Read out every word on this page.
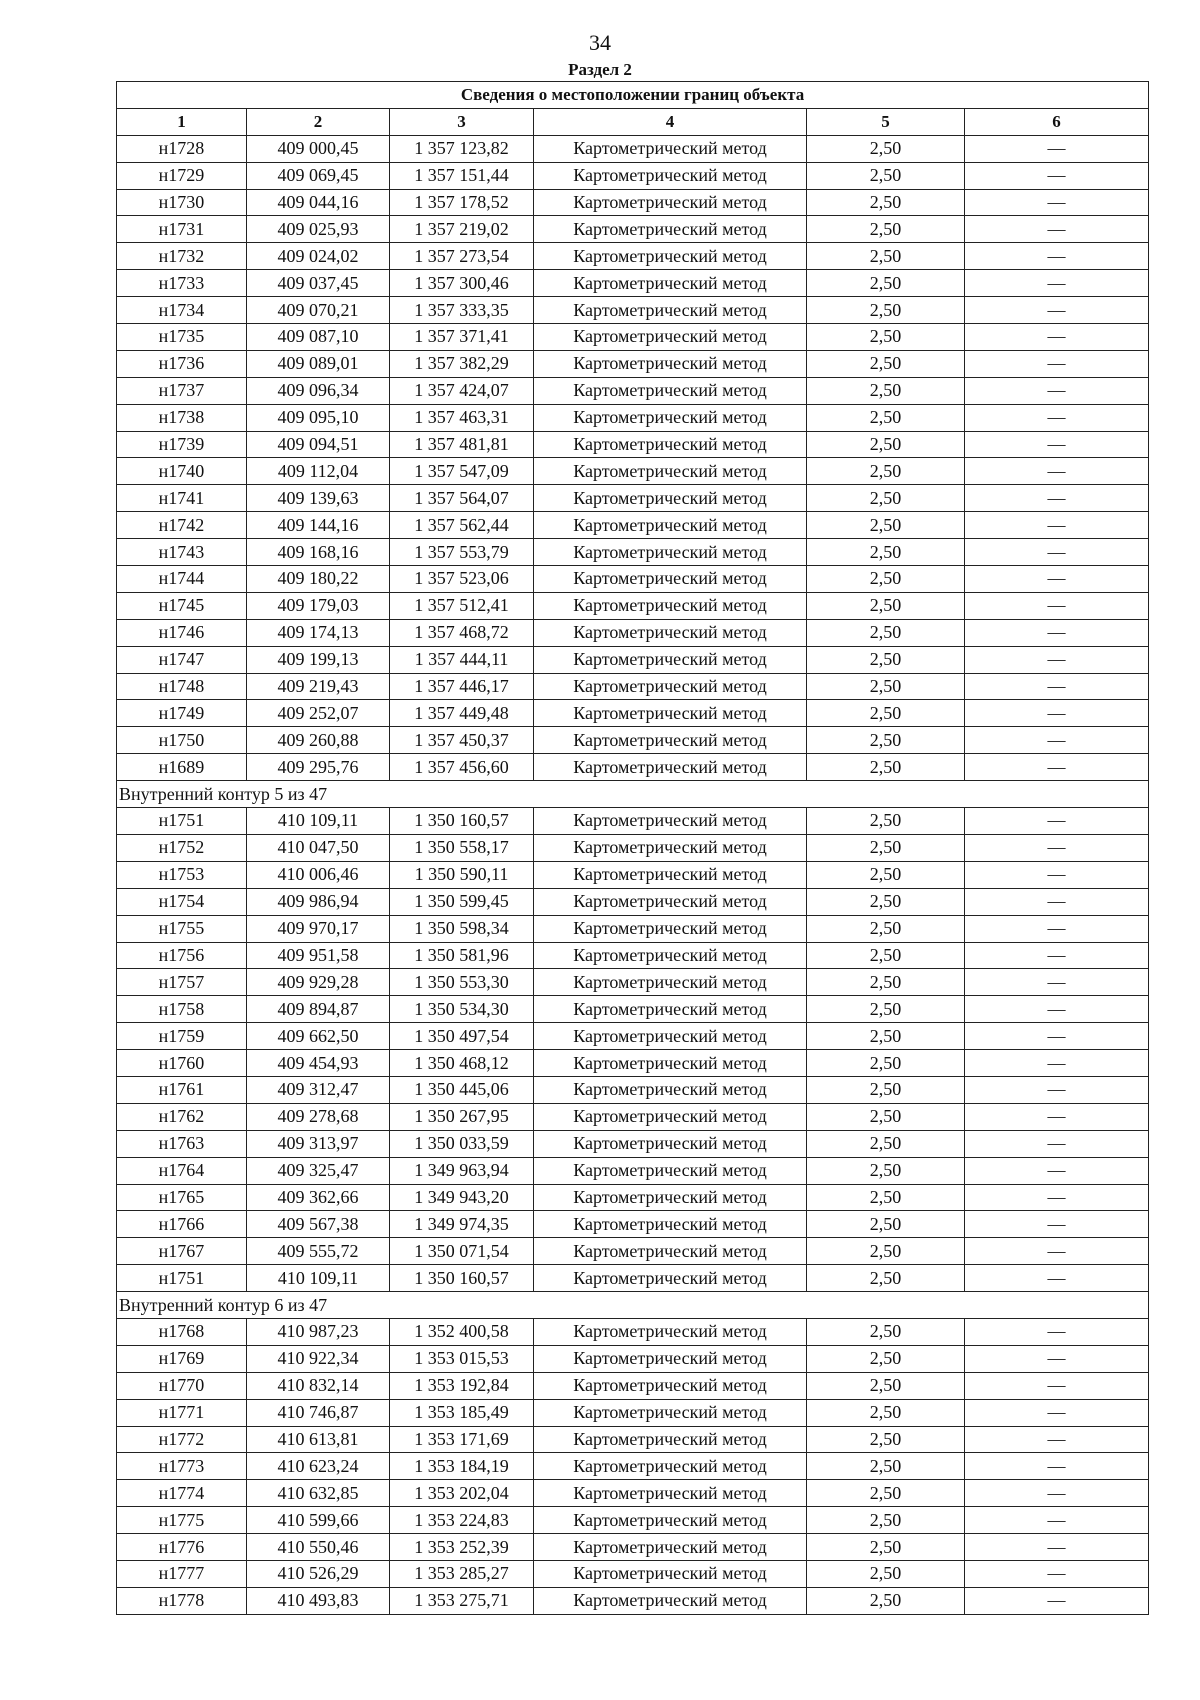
34
Раздел 2
Сведения о местоположении границ объекта					
1	2	3	4	5	6
н1728	409 000,45	1 357 123,82	Картометрический метод	2,50	—
н1729	409 069,45	1 357 151,44	Картометрический метод	2,50	—
н1730	409 044,16	1 357 178,52	Картометрический метод	2,50	—
н1731	409 025,93	1 357 219,02	Картометрический метод	2,50	—
н1732	409 024,02	1 357 273,54	Картометрический метод	2,50	—
н1733	409 037,45	1 357 300,46	Картометрический метод	2,50	—
н1734	409 070,21	1 357 333,35	Картометрический метод	2,50	—
н1735	409 087,10	1 357 371,41	Картометрический метод	2,50	—
н1736	409 089,01	1 357 382,29	Картометрический метод	2,50	—
н1737	409 096,34	1 357 424,07	Картометрический метод	2,50	—
н1738	409 095,10	1 357 463,31	Картометрический метод	2,50	—
н1739	409 094,51	1 357 481,81	Картометрический метод	2,50	—
н1740	409 112,04	1 357 547,09	Картометрический метод	2,50	—
н1741	409 139,63	1 357 564,07	Картометрический метод	2,50	—
н1742	409 144,16	1 357 562,44	Картометрический метод	2,50	—
н1743	409 168,16	1 357 553,79	Картометрический метод	2,50	—
н1744	409 180,22	1 357 523,06	Картометрический метод	2,50	—
н1745	409 179,03	1 357 512,41	Картометрический метод	2,50	—
н1746	409 174,13	1 357 468,72	Картометрический метод	2,50	—
н1747	409 199,13	1 357 444,11	Картометрический метод	2,50	—
н1748	409 219,43	1 357 446,17	Картометрический метод	2,50	—
н1749	409 252,07	1 357 449,48	Картометрический метод	2,50	—
н1750	409 260,88	1 357 450,37	Картометрический метод	2,50	—
н1689	409 295,76	1 357 456,60	Картометрический метод	2,50	—
Внутренний контур 5 из 47					
н1751	410 109,11	1 350 160,57	Картометрический метод	2,50	—
н1752	410 047,50	1 350 558,17	Картометрический метод	2,50	—
н1753	410 006,46	1 350 590,11	Картометрический метод	2,50	—
н1754	409 986,94	1 350 599,45	Картометрический метод	2,50	—
н1755	409 970,17	1 350 598,34	Картометрический метод	2,50	—
н1756	409 951,58	1 350 581,96	Картометрический метод	2,50	—
н1757	409 929,28	1 350 553,30	Картометрический метод	2,50	—
н1758	409 894,87	1 350 534,30	Картометрический метод	2,50	—
н1759	409 662,50	1 350 497,54	Картометрический метод	2,50	—
н1760	409 454,93	1 350 468,12	Картометрический метод	2,50	—
н1761	409 312,47	1 350 445,06	Картометрический метод	2,50	—
н1762	409 278,68	1 350 267,95	Картометрический метод	2,50	—
н1763	409 313,97	1 350 033,59	Картометрический метод	2,50	—
н1764	409 325,47	1 349 963,94	Картометрический метод	2,50	—
н1765	409 362,66	1 349 943,20	Картометрический метод	2,50	—
н1766	409 567,38	1 349 974,35	Картометрический метод	2,50	—
н1767	409 555,72	1 350 071,54	Картометрический метод	2,50	—
н1751	410 109,11	1 350 160,57	Картометрический метод	2,50	—
Внутренний контур 6 из 47					
н1768	410 987,23	1 352 400,58	Картометрический метод	2,50	—
н1769	410 922,34	1 353 015,53	Картометрический метод	2,50	—
н1770	410 832,14	1 353 192,84	Картометрический метод	2,50	—
н1771	410 746,87	1 353 185,49	Картометрический метод	2,50	—
н1772	410 613,81	1 353 171,69	Картометрический метод	2,50	—
н1773	410 623,24	1 353 184,19	Картометрический метод	2,50	—
н1774	410 632,85	1 353 202,04	Картометрический метод	2,50	—
н1775	410 599,66	1 353 224,83	Картометрический метод	2,50	—
н1776	410 550,46	1 353 252,39	Картометрический метод	2,50	—
н1777	410 526,29	1 353 285,27	Картометрический метод	2,50	—
н1778	410 493,83	1 353 275,71	Картометрический метод	2,50	—
